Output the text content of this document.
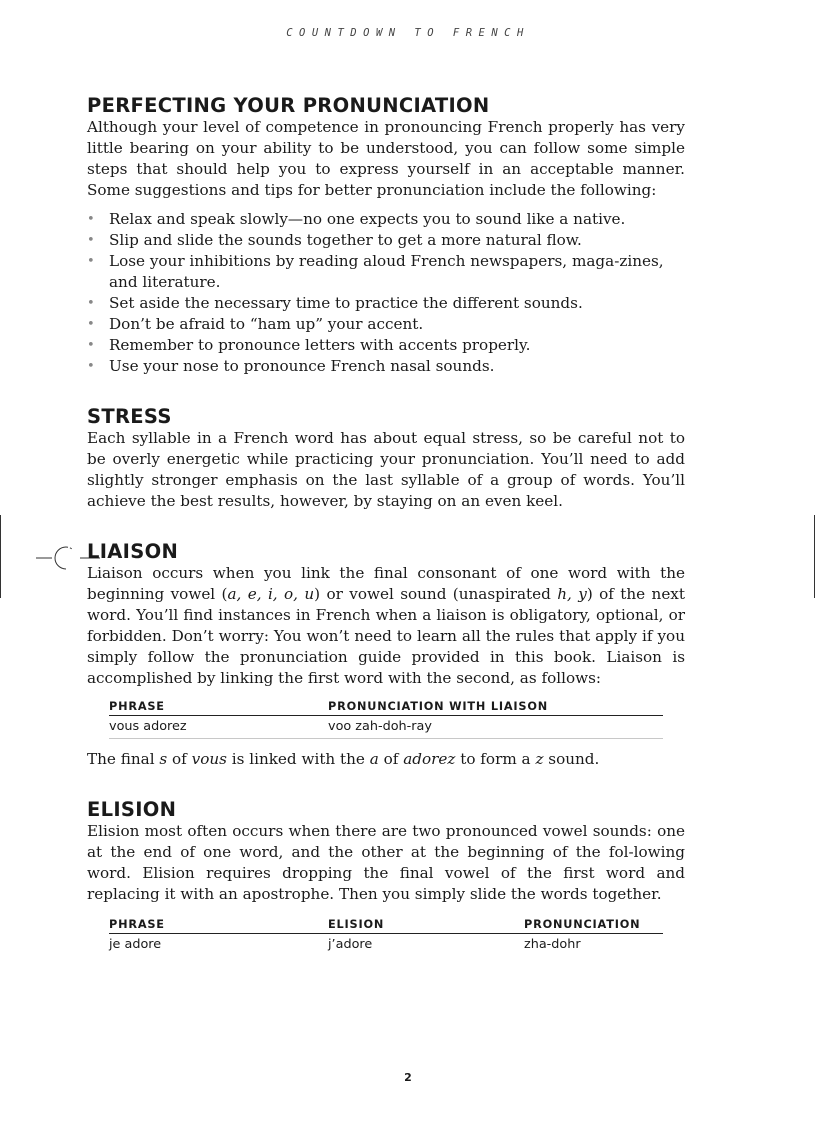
COUNTDOWN TO FRENCH
PERFECTING YOUR PRONUNCIATION

Although your level of competence in pronouncing French properly has very little bearing on your ability to be understood, you can follow some simple steps that should help you to express yourself in an acceptable manner. Some suggestions and tips for better pronunciation include the following:

• Relax and speak slowly—no one expects you to sound like a native.
• Slip and slide the sounds together to get a more natural flow.
• Lose your inhibitions by reading aloud French newspapers, maga-zines, and literature.
• Set aside the necessary time to practice the different sounds.
• Don’t be afraid to “ham up” your accent.
• Remember to pronounce letters with accents properly.
• Use your nose to pronounce French nasal sounds.
STRESS

Each syllable in a French word has about equal stress, so be careful not to be overly energetic while practicing your pronunciation. You’ll need to add slightly stronger emphasis on the last syllable of a group of words. You’ll achieve the best results, however, by staying on an even keel.

LIAISON

Liaison occurs when you link the final consonant of one word with the beginning vowel (a, e, i, o, u) or vowel sound (unaspirated h, y) of the next word. You’ll find instances in French when a liaison is obligatory, optional, or forbidden. Don’t worry: You won’t need to learn all the rules that apply if you simply follow the pronunciation guide provided in this book. Liaison is accomplished by linking the first word with the second, as follows:

PHRASE	PRONUNCIATION WITH LIAISON
vous adorez	voo zah-doh-ray

The final s of vous is linked with the a of adorez to form a z sound.

ELISION

Elision most often occurs when there are two pronounced vowel sounds: one at the end of one word, and the other at the beginning of the fol-lowing word. Elision requires dropping the final vowel of the first word and replacing it with an apostrophe. Then you simply slide the words together.

PHRASE	ELISION	PRONUNCIATION
je adore	j’adore	zha-dohr
2
